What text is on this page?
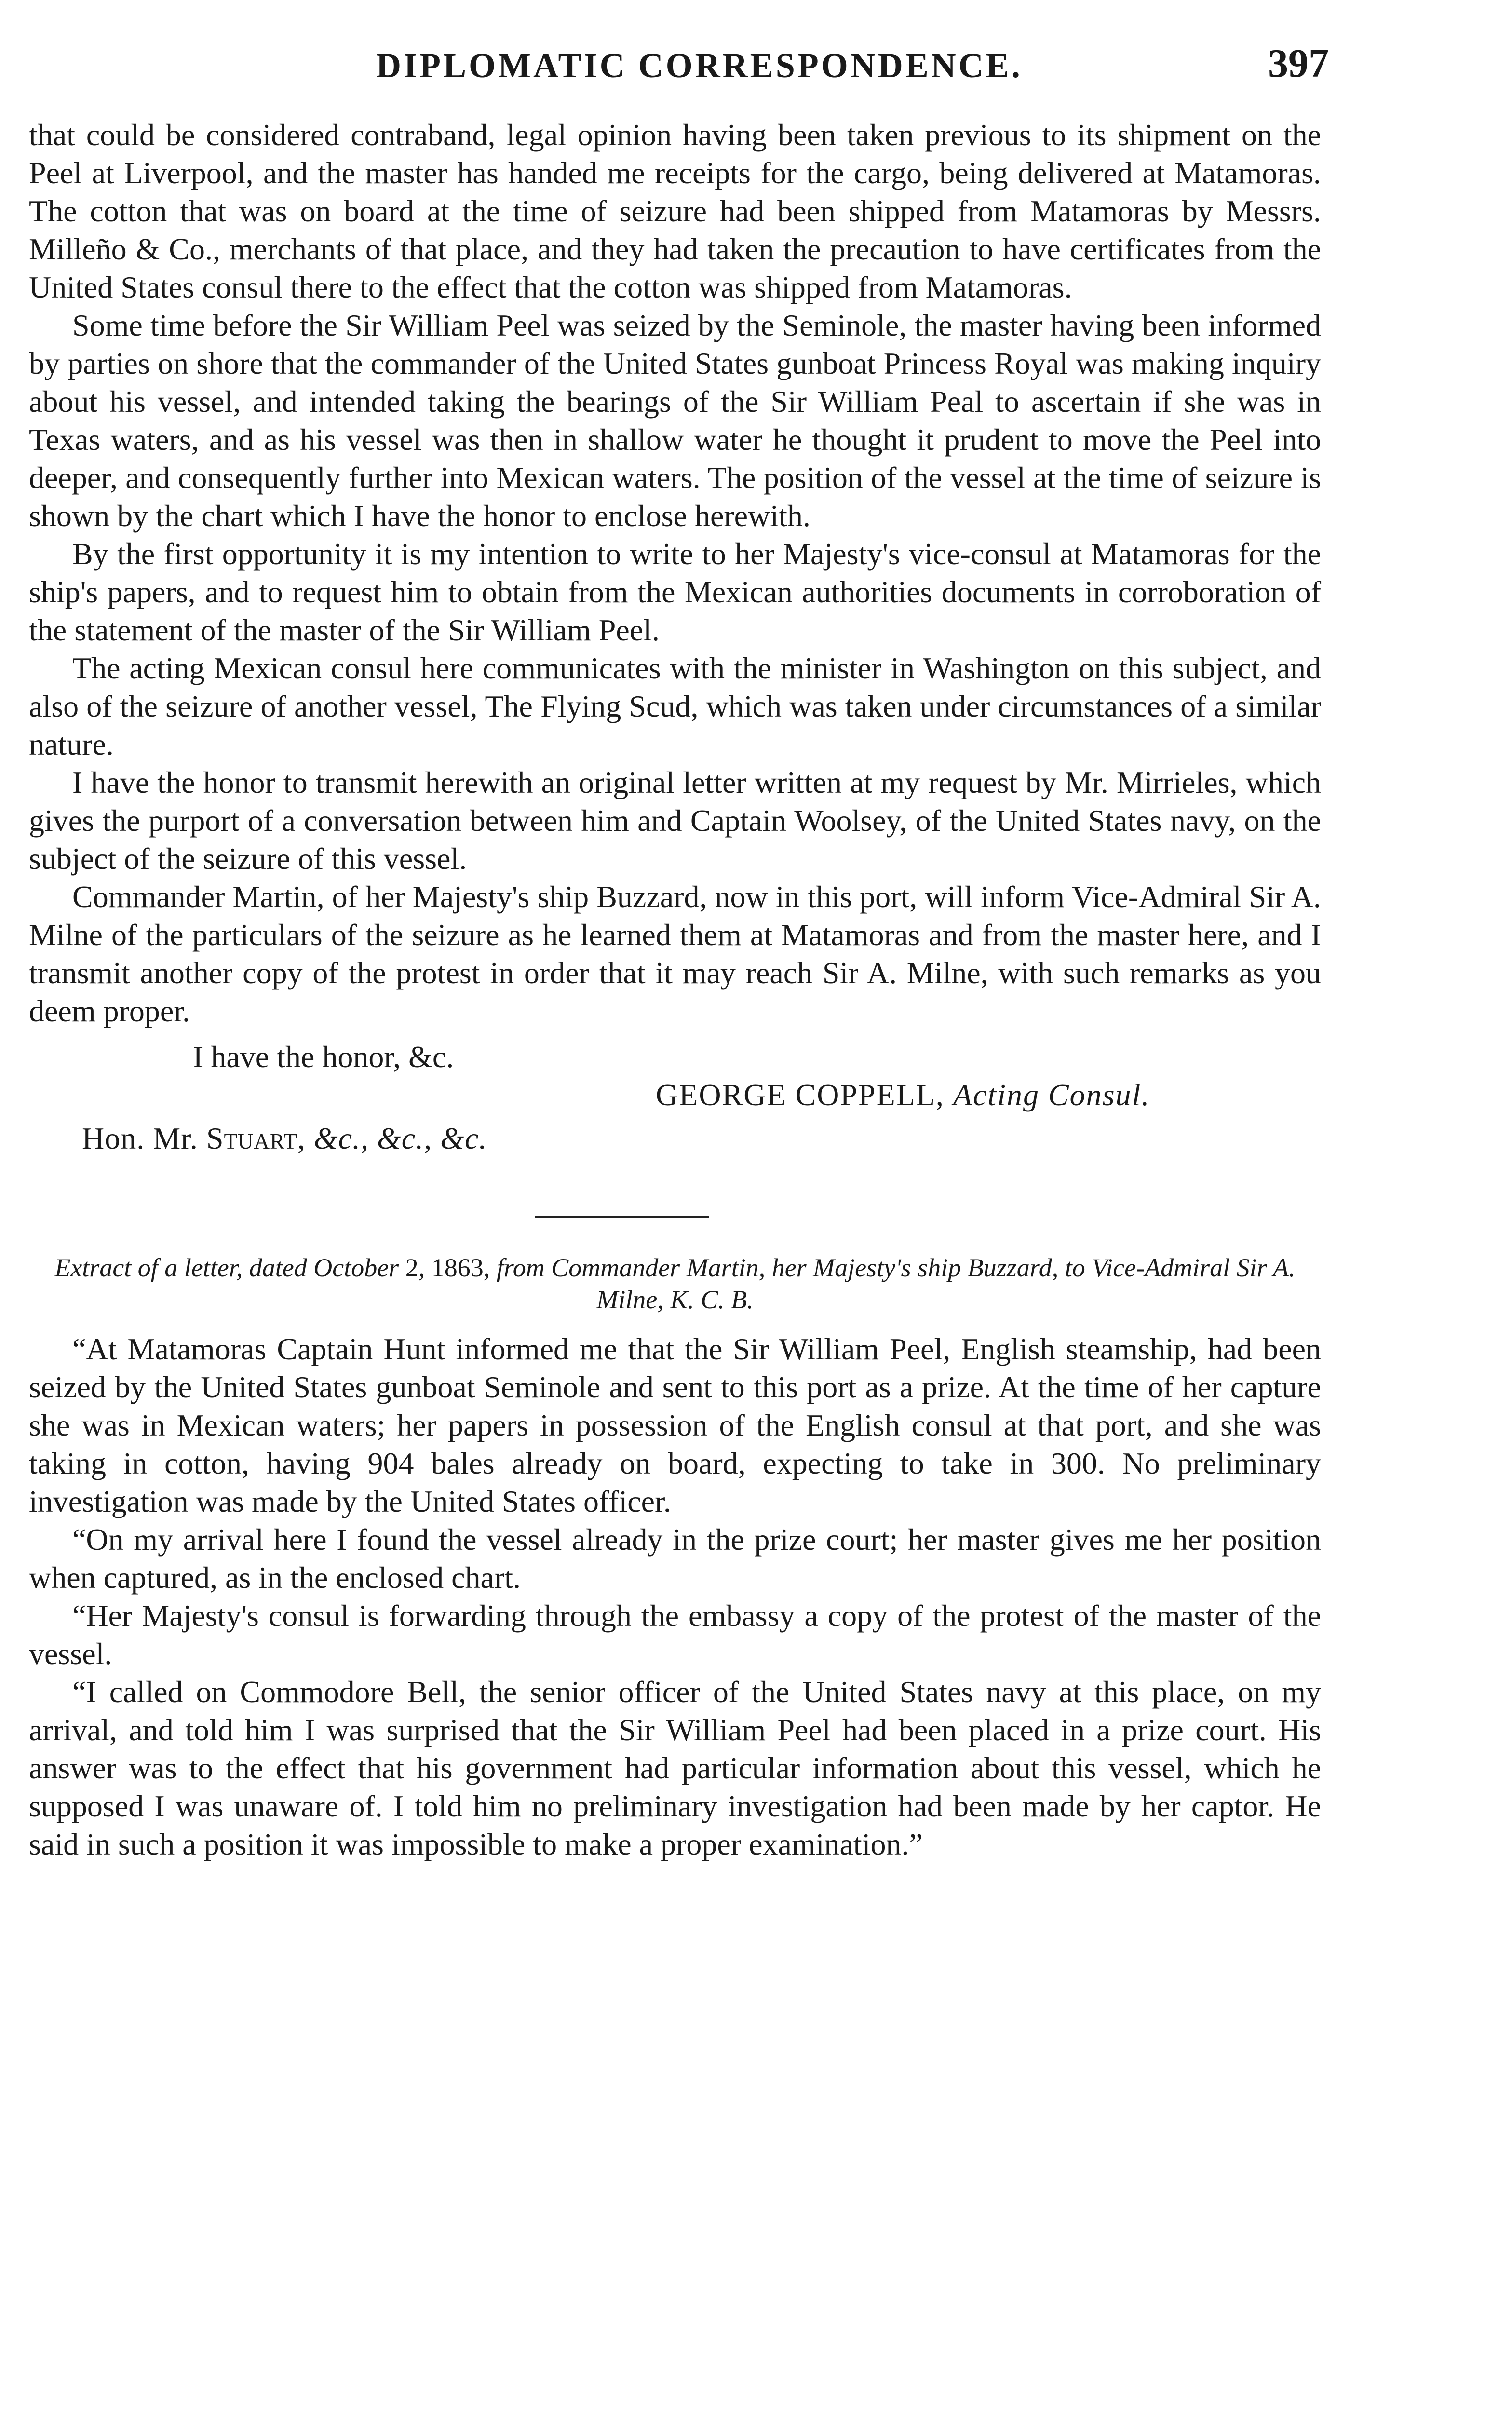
DIPLOMATIC CORRESPONDENCE.	397

that could be considered contraband, legal opinion having been taken previous to its shipment on the Peel at Liverpool, and the master has handed me receipts for the cargo, being delivered at Matamoras. The cotton that was on board at the time of seizure had been shipped from Matamoras by Messrs. Milleño & Co., merchants of that place, and they had taken the precaution to have certificates from the United States consul there to the effect that the cotton was shipped from Matamoras.

Some time before the Sir William Peel was seized by the Seminole, the master having been informed by parties on shore that the commander of the United States gunboat Princess Royal was making inquiry about his vessel, and intended taking the bearings of the Sir William Peal to ascertain if she was in Texas waters, and as his vessel was then in shallow water he thought it prudent to move the Peel into deeper, and consequently further into Mexican waters. The position of the vessel at the time of seizure is shown by the chart which I have the honor to enclose herewith.

By the first opportunity it is my intention to write to her Majesty's vice-consul at Matamoras for the ship's papers, and to request him to obtain from the Mexican authorities documents in corroboration of the statement of the master of the Sir William Peel.

The acting Mexican consul here communicates with the minister in Washington on this subject, and also of the seizure of another vessel, The Flying Scud, which was taken under circumstances of a similar nature.

I have the honor to transmit herewith an original letter written at my request by Mr. Mirrieles, which gives the purport of a conversation between him and Captain Woolsey, of the United States navy, on the subject of the seizure of this vessel.

Commander Martin, of her Majesty's ship Buzzard, now in this port, will inform Vice-Admiral Sir A. Milne of the particulars of the seizure as he learned them at Matamoras and from the master here, and I transmit another copy of the protest in order that it may reach Sir A. Milne, with such remarks as you deem proper.

I have the honor, &c.
GEORGE COPPELL, Acting Consul.
Hon. Mr. Stuart, &c., &c., &c.
Extract of a letter, dated October 2, 1863, from Commander Martin, her Majesty's ship Buzzard, to Vice-Admiral Sir A. Milne, K. C. B.

“At Matamoras Captain Hunt informed me that the Sir William Peel, English steamship, had been seized by the United States gunboat Seminole and sent to this port as a prize. At the time of her capture she was in Mexican waters; her papers in possession of the English consul at that port, and she was taking in cotton, having 904 bales already on board, expecting to take in 300. No preliminary investigation was made by the United States officer.

“On my arrival here I found the vessel already in the prize court; her master gives me her position when captured, as in the enclosed chart.

“Her Majesty's consul is forwarding through the embassy a copy of the protest of the master of the vessel.

“I called on Commodore Bell, the senior officer of the United States navy at this place, on my arrival, and told him I was surprised that the Sir William Peel had been placed in a prize court. His answer was to the effect that his government had particular information about this vessel, which he supposed I was unaware of. I told him no preliminary investigation had been made by her captor. He said in such a position it was impossible to make a proper examination.”
